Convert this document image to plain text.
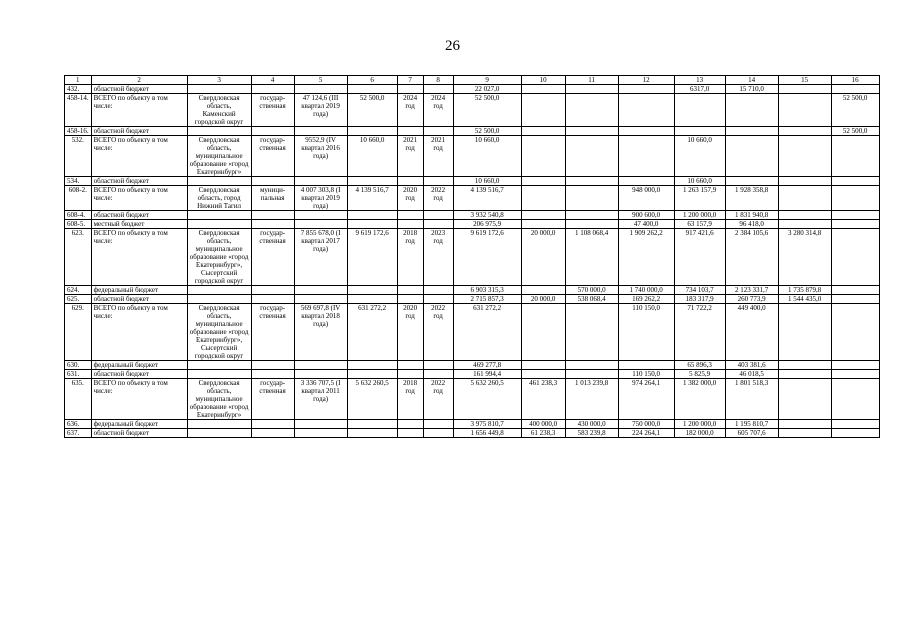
26
1	2	3	4	5	6	7	8	9	10	11	12	13	14	15	16
432.	областной бюджет							22 027,0				6317,0	15 710,0		
458-14.	ВСЕГО по объекту в том числе:	Свердловская область, Каменский городской округ	государ-ственная	47 124,6 (III квартал 2019 года)	52 500,0	2024 год	2024 год	52 500,0							52 500,0
458-16.	областной бюджет							52 500,0							52 500,0
532.	ВСЕГО по объекту в том числе:	Свердловская область, муниципальное образование «город Екатеринбург»	государ-ственная	9552,9 (IV квартал 2016 года)	10 660,0	2021 год	2021 год	10 660,0				10 660,0			
534.	областной бюджет							10 660,0				10 660,0			
608-2.	ВСЕГО по объекту в том числе:	Свердловская область, город Нижний Тагил	муници-пальная	4 007 303,8 (I квартал 2019 года)	4 139 516,7	2020 год	2022 год	4 139 516,7			948 000,0	1 263 157,9	1 928 358,8		
608-4.	областной бюджет							3 932 540,8			900 600,0	1 200 000,0	1 831 940,8		
608-5.	местный бюджет							206 975,9			47 400,0	63 157,9	96 418,0		
623.	ВСЕГО по объекту в том числе:	Свердловская область, муниципальное образование «город Екатеринбург», Сысертский городской округ	государ-ственная	7 855 678,0 (I квартал 2017 года)	9 619 172,6	2018 год	2023 год	9 619 172,6	20 000,0	1 108 068,4	1 909 262,2	917 421,6	2 384 105,6	3 280 314,8	
624.	федеральный бюджет							6 903 315,3		570 000,0	1 740 000,0	734 103,7	2 123 331,7	1 735 879,8	
625.	областной бюджет							2 715 857,3	20 000,0	538 068,4	169 262,2	183 317,9	260 773,9	1 544 435,0	
629.	ВСЕГО по объекту в том числе:	Свердловская область, муниципальное образование «город Екатеринбург», Сысертский городской округ	государ-ственная	569 697,8 (IV квартал 2018 года)	631 272,2	2020 год	2022 год	631 272,2			110 150,0	71 722,2	449 400,0		
630.	федеральный бюджет							469 277,8				65 896,3	403 381,6		
631.	областной бюджет							161 994,4			110 150,0	5 825,9	46 018,5		
635.	ВСЕГО по объекту в том числе:	Свердловская область, муниципальное образование «город Екатеринбург»	государ-ственная	3 336 707,5 (I квартал 2011 года)	5 632 260,5	2018 год	2022 год	5 632 260,5	461 238,3	1 013 239,8	974 264,1	1 382 000,0	1 801 518,3		
636.	федеральный бюджет							3 975 810,7	400 000,0	430 000,0	750 000,0	1 200 000,0	1 195 810,7		
637.	областной бюджет							1 656 449,8	61 238,3	583 239,8	224 264,1	182 000,0	605 707,6		
